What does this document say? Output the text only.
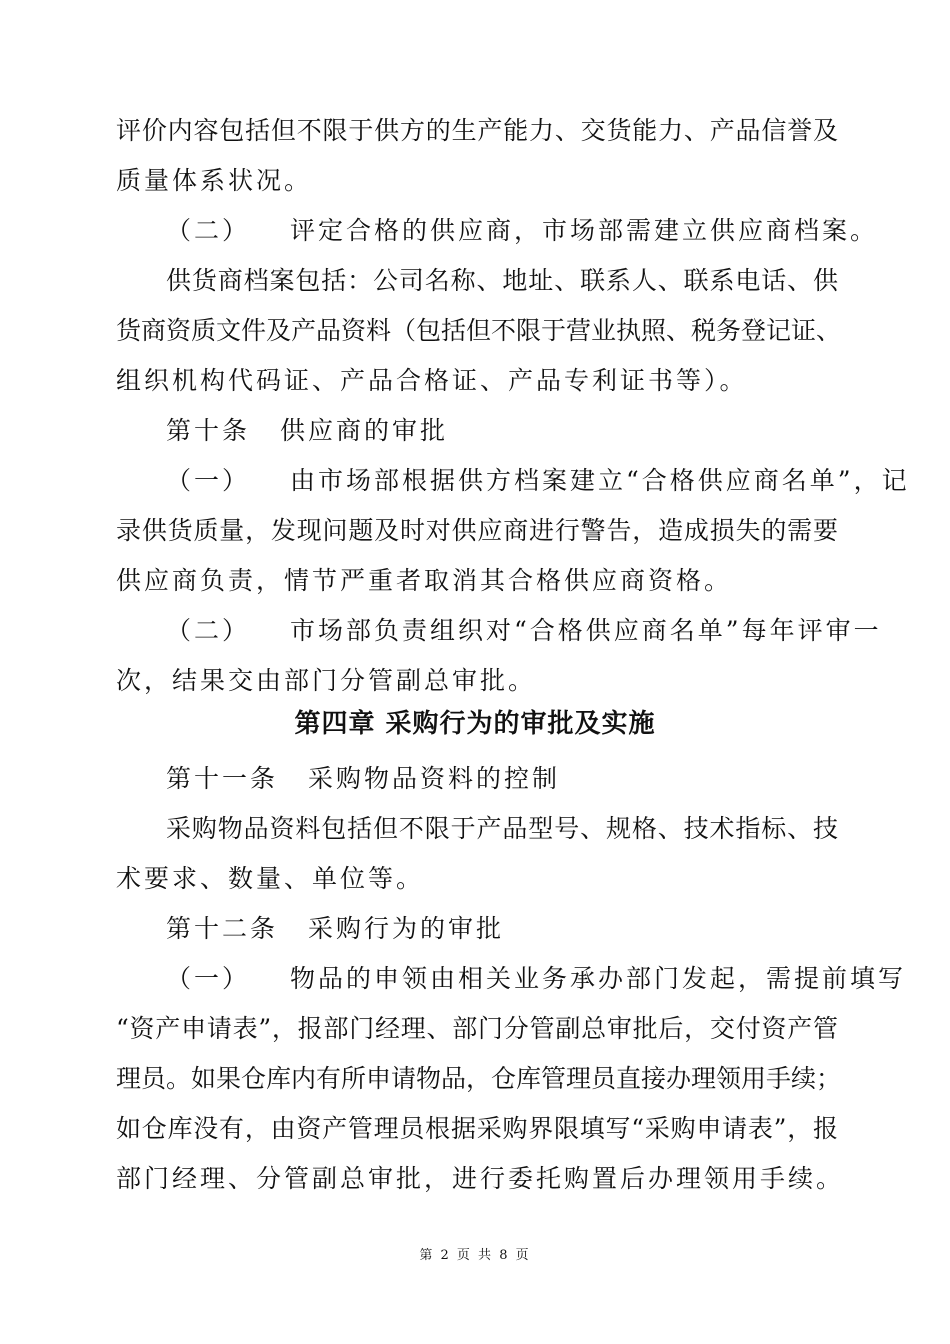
评价内容包括但不限于供方的生产能力、交货能力、产品信誉及
质量体系状况。
（二） 评定合格的供应商，市场部需建立供应商档案。
供货商档案包括：公司名称、地址、联系人、联系电话、供
货商资质文件及产品资料（包括但不限于营业执照、税务登记证、
组织机构代码证、产品合格证、产品专利证书等）。
第十条 供应商的审批
（一） 由市场部根据供方档案建立“合格供应商名单”，记
录供货质量，发现问题及时对供应商进行警告，造成损失的需要
供应商负责，情节严重者取消其合格供应商资格。
（二） 市场部负责组织对“合格供应商名单”每年评审一
次，结果交由部门分管副总审批。
第四章 采购行为的审批及实施
第十一条 采购物品资料的控制
采购物品资料包括但不限于产品型号、规格、技术指标、技
术要求、数量、单位等。
第十二条 采购行为的审批
（一） 物品的申领由相关业务承办部门发起，需提前填写
“资产申请表”，报部门经理、部门分管副总审批后，交付资产管
理员。如果仓库内有所申请物品，仓库管理员直接办理领用手续；
如仓库没有，由资产管理员根据采购界限填写“采购申请表”，报
部门经理、分管副总审批，进行委托购置后办理领用手续。
第 2 页 共 8 页
